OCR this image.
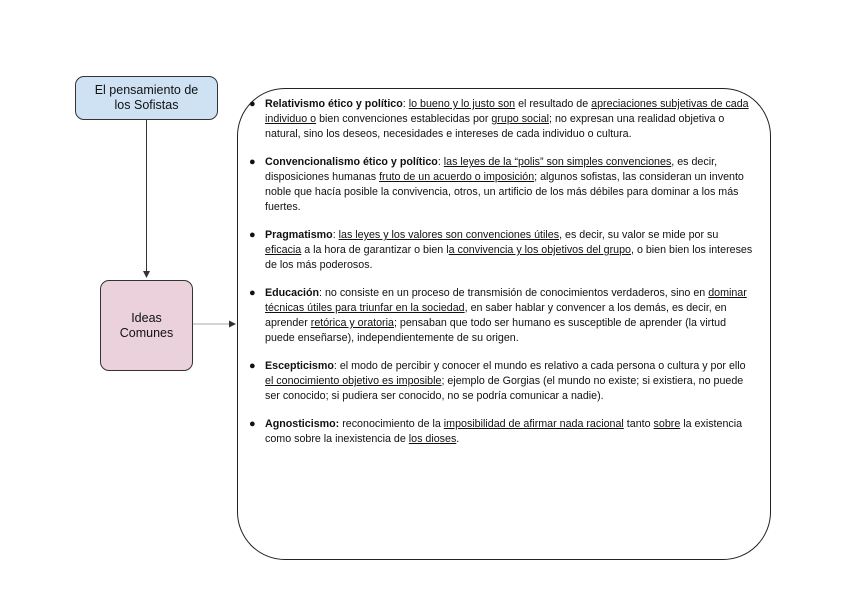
El pensamiento de
los Sofistas
Ideas
Comunes
● Relativismo ético y político: lo bueno y lo justo son el resultado de apreciaciones subjetivas de cada individuo o bien convenciones establecidas por grupo social; no expresan una realidad objetiva o natural, sino los deseos, necesidades e intereses de cada individuo o cultura.
● Convencionalismo ético y político: las leyes de la “polis” son simples convenciones, es decir, disposiciones humanas fruto de un acuerdo o imposición; algunos sofistas, las consideran un invento noble que hacía posible la convivencia, otros, un artificio de los más débiles para dominar a los más fuertes.
● Pragmatismo: las leyes y los valores son convenciones útiles, es decir, su valor se mide por su eficacia a la hora de garantizar o bien la convivencia y los objetivos del grupo, o bien bien los intereses de los más poderosos.
● Educación: no consiste en un proceso de transmisión de conocimientos verdaderos, sino en dominar técnicas útiles para triunfar en la sociedad, en saber hablar y convencer a los demás, es decir, en aprender retórica y oratoria; pensaban que todo ser humano es susceptible de aprender (la virtud puede enseñarse), independientemente de su origen.
● Escepticismo: el modo de percibir y conocer el mundo es relativo a cada persona o cultura y por ello el conocimiento objetivo es imposible; ejemplo de Gorgias (el mundo no existe; si existiera, no puede ser conocido; si pudiera ser conocido, no se podría comunicar a nadie).
● Agnosticismo: reconocimiento de la imposibilidad de afirmar nada racional tanto sobre la existencia como sobre la inexistencia de los dioses.
